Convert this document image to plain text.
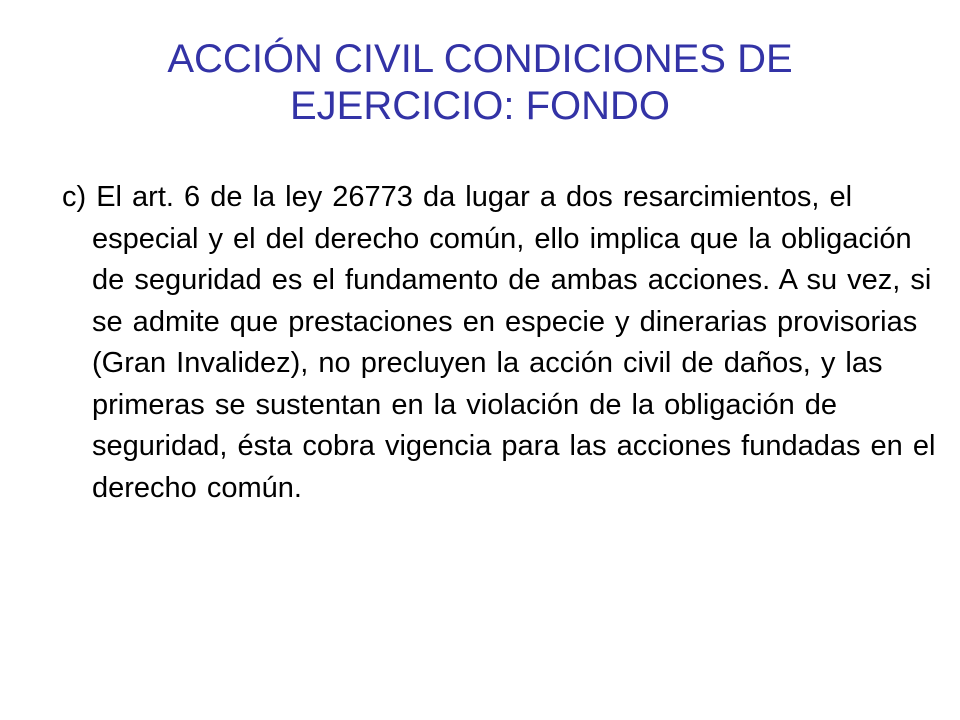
ACCIÓN CIVIL CONDICIONES DE
EJERCICIO: FONDO

c) El art. 6 de la ley 26773 da lugar a dos resarcimientos, el especial y el del derecho común, ello implica que la obligación de seguridad es el fundamento de ambas acciones. A su vez, si se admite que prestaciones en especie y dinerarias provisorias (Gran Invalidez), no precluyen la acción civil de daños, y las primeras se sustentan en la violación de la obligación de seguridad, ésta cobra vigencia para las acciones fundadas en el derecho común.
